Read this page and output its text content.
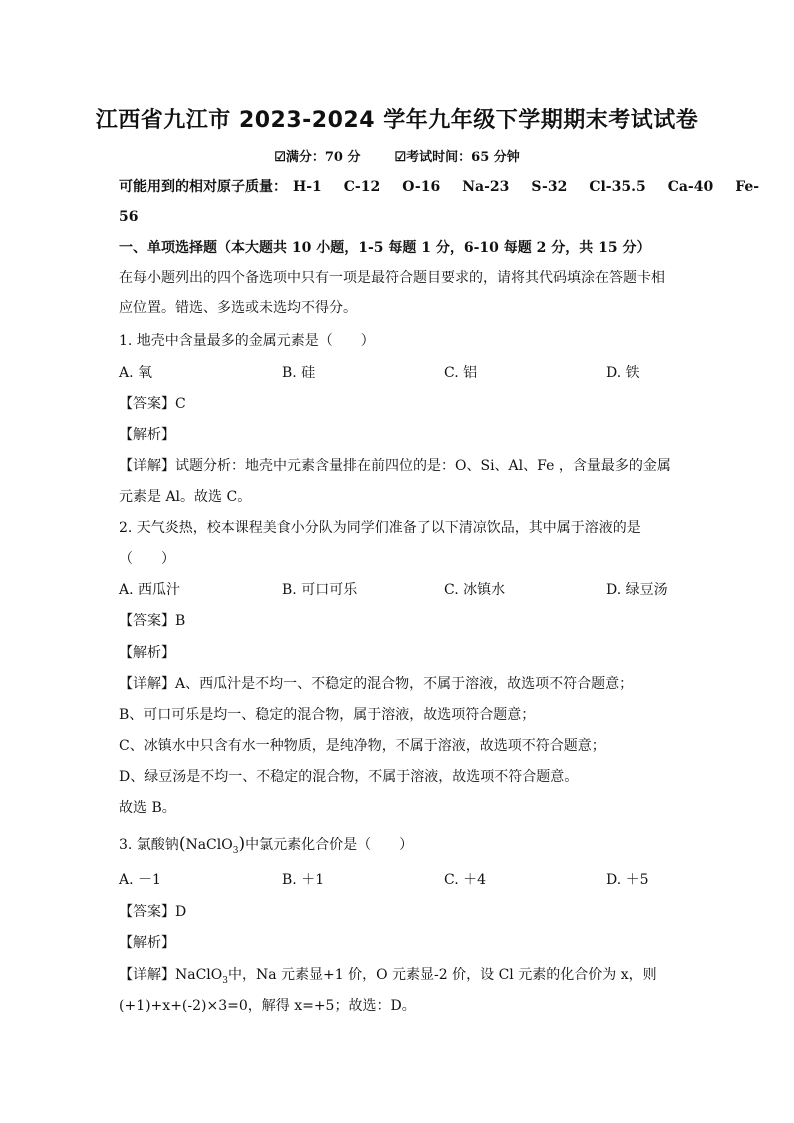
江西省九江市 2023-2024 学年九年级下学期期末考试试卷
☑满分：70 分	☑考试时间：65 分钟
可能用到的相对原子质量： H-1 C-12 O-16 Na-23 S-32 Cl-35.5 Ca-40 Fe-
56
一、单项选择题（本大题共 10 小题，1-5 每题 1 分，6-10 每题 2 分，共 15 分）
在每小题列出的四个备选项中只有一项是最符合题目要求的，请将其代码填涂在答题卡相
应位置。错选、多选或未选均不得分。
1. 地壳中含量最多的金属元素是（　　）
A. 氧	B. 硅	C. 铝	D. 铁
【答案】C
【解析】
【详解】试题分析：地壳中元素含量排在前四位的是：O、Si、Al、Fe ，含量最多的金属
元素是 Al。故选 C。
2. 天气炎热，校本课程美食小分队为同学们准备了以下清凉饮品，其中属于溶液的是
（　　）
A. 西瓜汁	B. 可口可乐	C. 冰镇水	D. 绿豆汤
【答案】B
【解析】
【详解】A、西瓜汁是不均一、不稳定的混合物，不属于溶液，故选项不符合题意；
B、可口可乐是均一、稳定的混合物，属于溶液，故选项符合题意；
C、冰镇水中只含有水一种物质，是纯净物，不属于溶液，故选项不符合题意；
D、绿豆汤是不均一、不稳定的混合物，不属于溶液，故选项不符合题意。
故选 B。
3. 氯酸钠(NaClO$_3$)中氯元素化合价是（　　）
A. －1	B. ＋1	C. ＋4	D. ＋5
【答案】D
【解析】
【详解】NaClO$_3$中，Na 元素显+1 价，O 元素显-2 价，设 Cl 元素的化合价为 x，则
(+1)+x+(-2)×3=0，解得 x=+5；故选：D。
